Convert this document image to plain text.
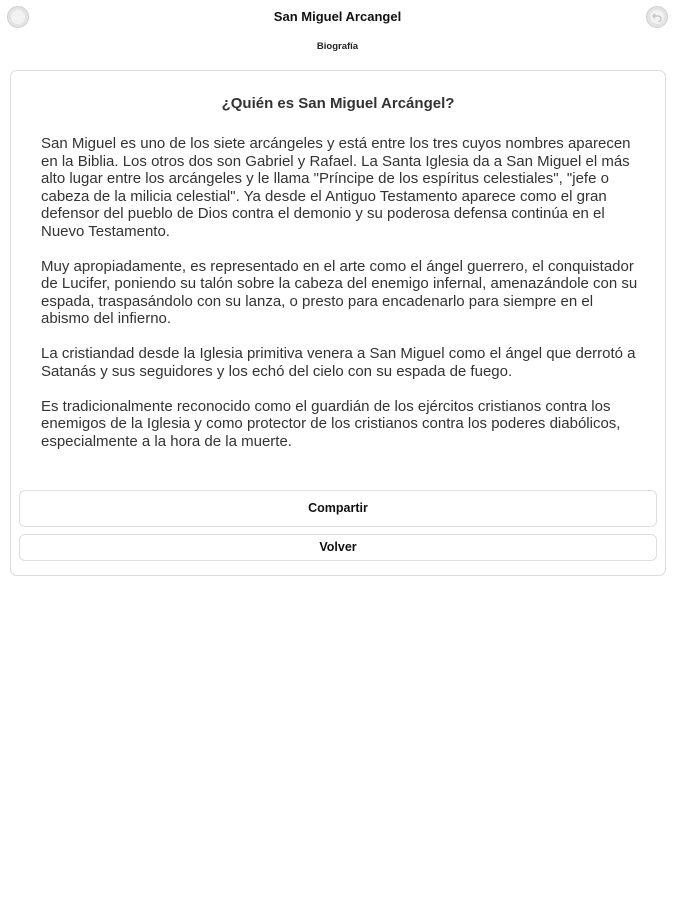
San Miguel Arcangel
Biografía
¿Quién es San Miguel Arcángel?

San Miguel es uno de los siete arcángeles y está entre los tres cuyos nombres aparecen en la Biblia. Los otros dos son Gabriel y Rafael. La Santa Iglesia da a San Miguel el más alto lugar entre los arcángeles y le llama "Príncipe de los espíritus celestiales", "jefe o cabeza de la milicia celestial". Ya desde el Antiguo Testamento aparece como el gran defensor del pueblo de Dios contra el demonio y su poderosa defensa continúa en el Nuevo Testamento.

Muy apropiadamente, es representado en el arte como el ángel guerrero, el conquistador de Lucifer, poniendo su talón sobre la cabeza del enemigo infernal, amenazándole con su espada, traspasándolo con su lanza, o presto para encadenarlo para siempre en el abismo del infierno.

La cristiandad desde la Iglesia primitiva venera a San Miguel como el ángel que derrotó a Satanás y sus seguidores y los echó del cielo con su espada de fuego.

Es tradicionalmente reconocido como el guardián de los ejércitos cristianos contra los enemigos de la Iglesia y como protector de los cristianos contra los poderes diabólicos, especialmente a la hora de la muerte.

Compartir
Volver
